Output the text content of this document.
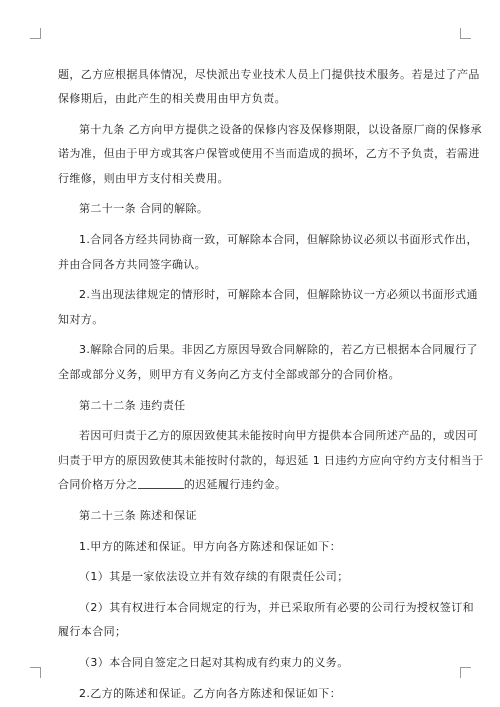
题，乙方应根据具体情况，尽快派出专业技术人员上门提供技术服务。若是过了产品

保修期后，由此产生的相关费用由甲方负责。

第十九条 乙方向甲方提供之设备的保修内容及保修期限，以设备原厂商的保修承

诺为准，但由于甲方或其客户保管或使用不当而造成的损坏，乙方不予负责，若需进

行维修，则由甲方支付相关费用。

第二十一条 合同的解除。

1.合同各方经共同协商一致，可解除本合同，但解除协议必须以书面形式作出，

并由合同各方共同签字确认。

2.当出现法律规定的情形时，可解除本合同，但解除协议一方必须以书面形式通

知对方。

3.解除合同的后果。非因乙方原因导致合同解除的，若乙方已根据本合同履行了

全部或部分义务，则甲方有义务向乙方支付全部或部分的合同价格。

第二十二条 违约责任

若因可归责于乙方的原因致使其未能按时向甲方提供本合同所述产品的，或因可

归责于甲方的原因致使其未能按时付款的，每迟延 1 日违约方应向守约方支付相当于

合同价格万分之	的迟延履行违约金。

第二十三条 陈述和保证

1.甲方的陈述和保证。甲方向各方陈述和保证如下：

（1）其是一家依法设立并有效存续的有限责任公司；

（2）其有权进行本合同规定的行为，并已采取所有必要的公司行为授权签订和

履行本合同；

（3）本合同自签定之日起对其构成有约束力的义务。

2.乙方的陈述和保证。乙方向各方陈述和保证如下：
